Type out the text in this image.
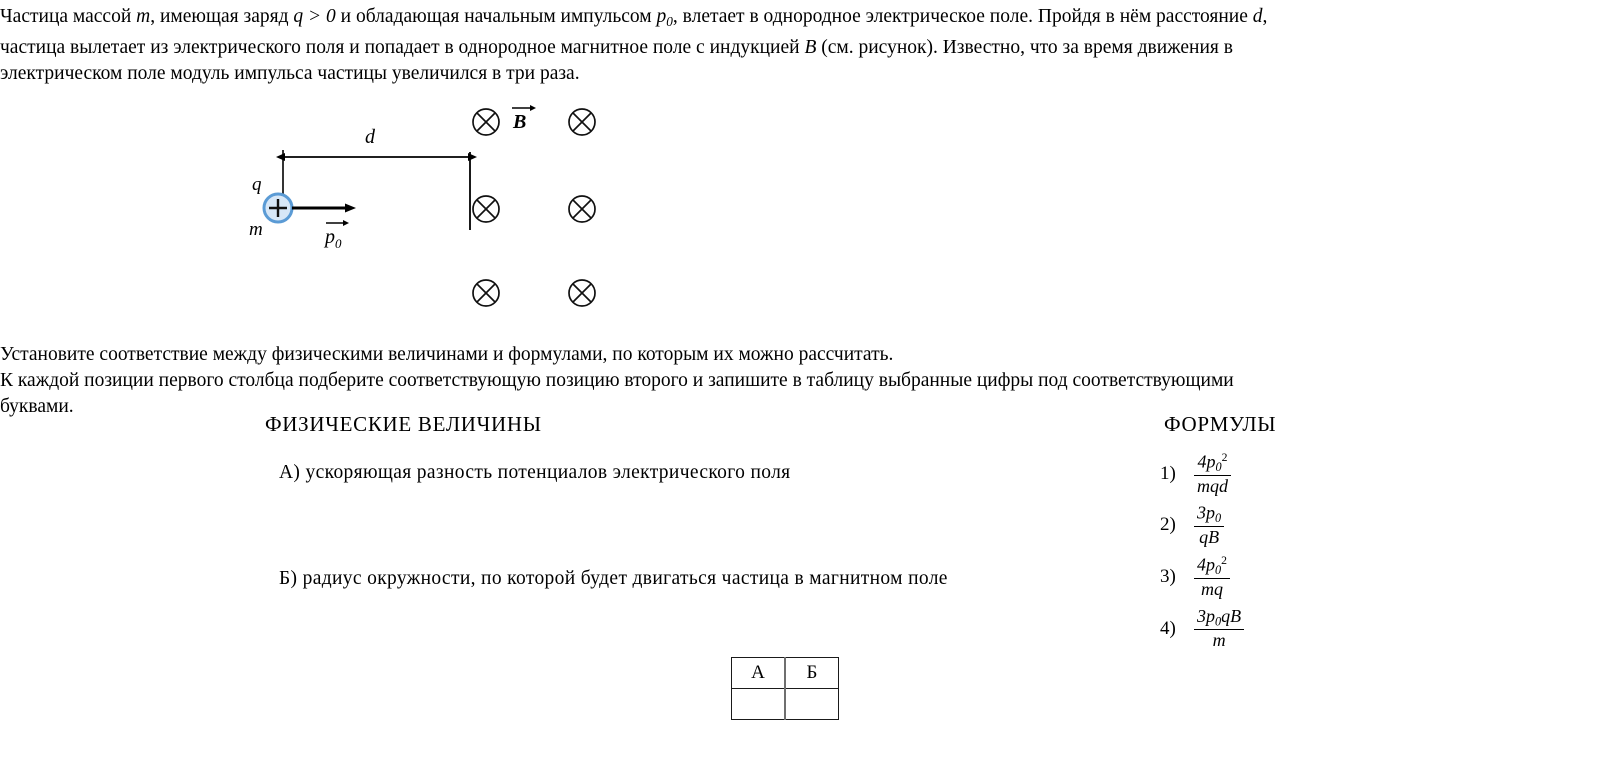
Частица массой m, имеющая заряд q > 0 и обладающая начальным импульсом $p_0$, влетает в однородное электрическое поле. Пройдя в нём расстояние d,
частица вылетает из электрического поля и попадает в однородное магнитное поле с индукцией B (см. рисунок). Известно, что за время движения в
электрическом поле модуль импульса частицы увеличился в три раза.
d
q
m
B
$p_0$
Установите соответствие между физическими величинами и формулами, по которым их можно рассчитать.
К каждой позиции первого столбца подберите соответствующую позицию второго и запишите в таблицу выбранные цифры под соответствующими
буквами.
ФИЗИЧЕСКИЕ ВЕЛИЧИНЫ	ФОРМУЛЫ
А) ускоряющая разность потенциалов электрического поля
Б) радиус окружности, по которой будет двигаться частица в магнитном поле
1)	$\frac{4p_0^2}{\text{mqd}}$
2)	$\frac{3p_0}{qB}$
3)	$\frac{4p_0^2}{mq}$
4)	$\frac{3p_0qB}{m}$
А	Б
